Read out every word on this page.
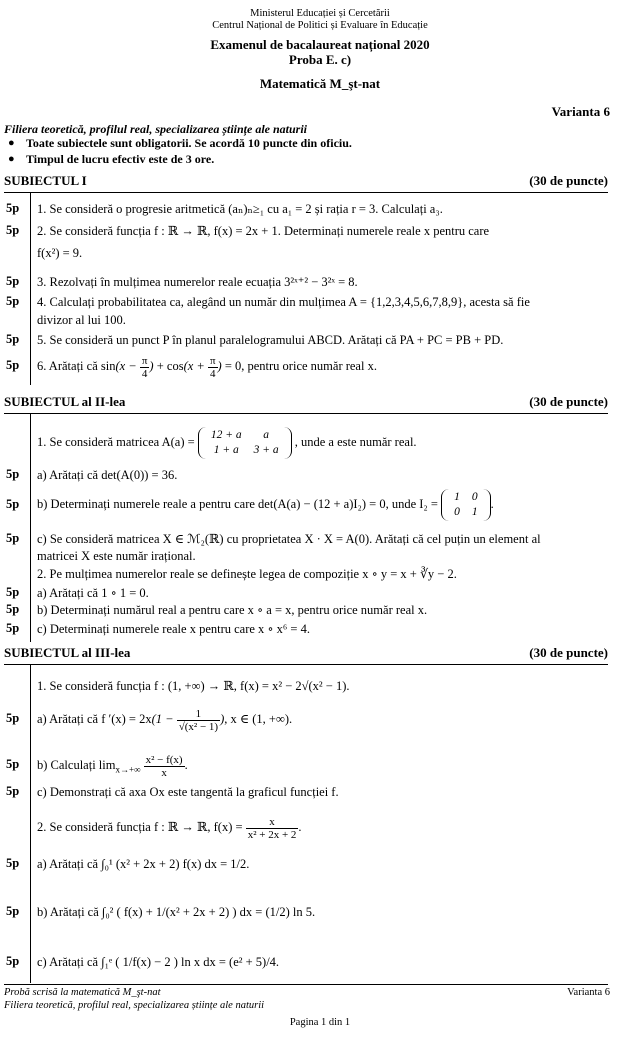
Ministerul Educației și Cercetării
Centrul Național de Politici și Evaluare în Educație
Examenul de bacalaureat național 2020
Proba E. c)
Matematică M_şt-nat
Varianta 6
Filiera teoretică, profilul real, specializarea științe ale naturii
● Toate subiectele sunt obligatorii. Se acordă 10 puncte din oficiu.
● Timpul de lucru efectiv este de 3 ore.
SUBIECTUL I	(30 de puncte)
5p 1. Se consideră o progresie aritmetică (aₙ)ₙ≥₁ cu a₁ = 2 și rația r = 3. Calculați a₃.
5p 2. Se consideră funcția f : ℝ → ℝ, f(x) = 2x + 1. Determinați numerele reale x pentru care
f(x²) = 9.
5p 3. Rezolvați în mulțimea numerelor reale ecuația 3²ˣ⁺² − 3²ˣ = 8.
5p 4. Calculați probabilitatea ca, alegând un număr din mulțimea A = {1,2,3,4,5,6,7,8,9}, acesta să fie
divizor al lui 100.
5p 5. Se consideră un punct P în planul paralelogramului ABCD. Arătați că PA + PC = PB + PD.
5p 6. Arătați că $\sin(x - \frac{\pi}{4}$ ) + $\cos(x + \frac{\pi}{4}$ ) = 0, pentru orice număr real x.
SUBIECTUL al II-lea	(30 de puncte)
1. Se consideră matricea A(a) = 12 + a	a
1 + a	3 + a
, unde a este număr real.
5p a) Arătați că det(A(0)) = 36.
5p b) Determinați numerele reale a pentru care det(A(a) − (12 + a)I₂) = 0, unde I₂ = 1	0
0	1
.
5p c) Se consideră matricea X ∈ ℳ₂(ℝ) cu proprietatea X · X = A(0). Arătați că cel puțin un element al
matricei X este număr irațional.
2. Pe mulțimea numerelor reale se definește legea de compoziție x ∘ y = x + ∛y − 2.
5p a) Arătați că 1 ∘ 1 = 0.
5p b) Determinați numărul real a pentru care x ∘ a = x, pentru orice număr real x.
5p c) Determinați numerele reale x pentru care x ∘ x⁶ = 4.
SUBIECTUL al III-lea	(30 de puncte)
1. Se consideră funcția f : (1, +∞) → ℝ, f(x) = x² − 2√(x² − 1).
5p a) Arătați că f $'(x) = 2x(1 - \frac{1}{\text{√(x² − 1)}}$ ), x ∈ (1, +∞).
5p b) Calculați $\lim_{x\to+\infty} \frac{\text{x² − f(x)}}{x}$ .
5p c) Demonstrați că axa Ox este tangentă la graficul funcției f.
2. Se consideră funcția f : ℝ → ℝ, $f(x) = \frac{x}{\text{x² + 2x + 2}}$ .
5p a) Arătați că ∫₀¹ (x² + 2x + 2) f(x) dx = 1/2.
5p b) Arătați că ∫₀² ( f(x) + 1/(x² + 2x + 2) ) dx = (1/2) ln 5.
5p c) Arătați că ∫₁ᵉ ( 1/f(x) − 2 ) ln x dx = (e² + 5)/4.
Probă scrisă la matematică M_şt-nat	Varianta 6
Filiera teoretică, profilul real, specializarea științe ale naturii
Pagina 1 din 1
